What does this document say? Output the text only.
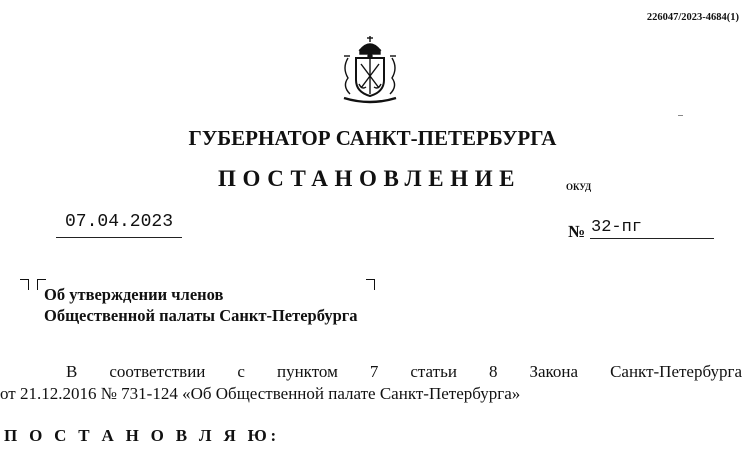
226047/2023-4684(1)
ГУБЕРНАТОР САНКТ-ПЕТЕРБУРГА
ПОСТАНОВЛЕНИЕ	ОКУД
07.04.2023	№ 32-пг
Об утверждении членов
Общественной палаты Санкт-Петербурга
В соответствии с пунктом 7 статьи 8 Закона Санкт-Петербурга
от 21.12.2016 № 731-124 «Об Общественной палате Санкт-Петербурга»
П О С Т А Н О В Л Я Ю:
